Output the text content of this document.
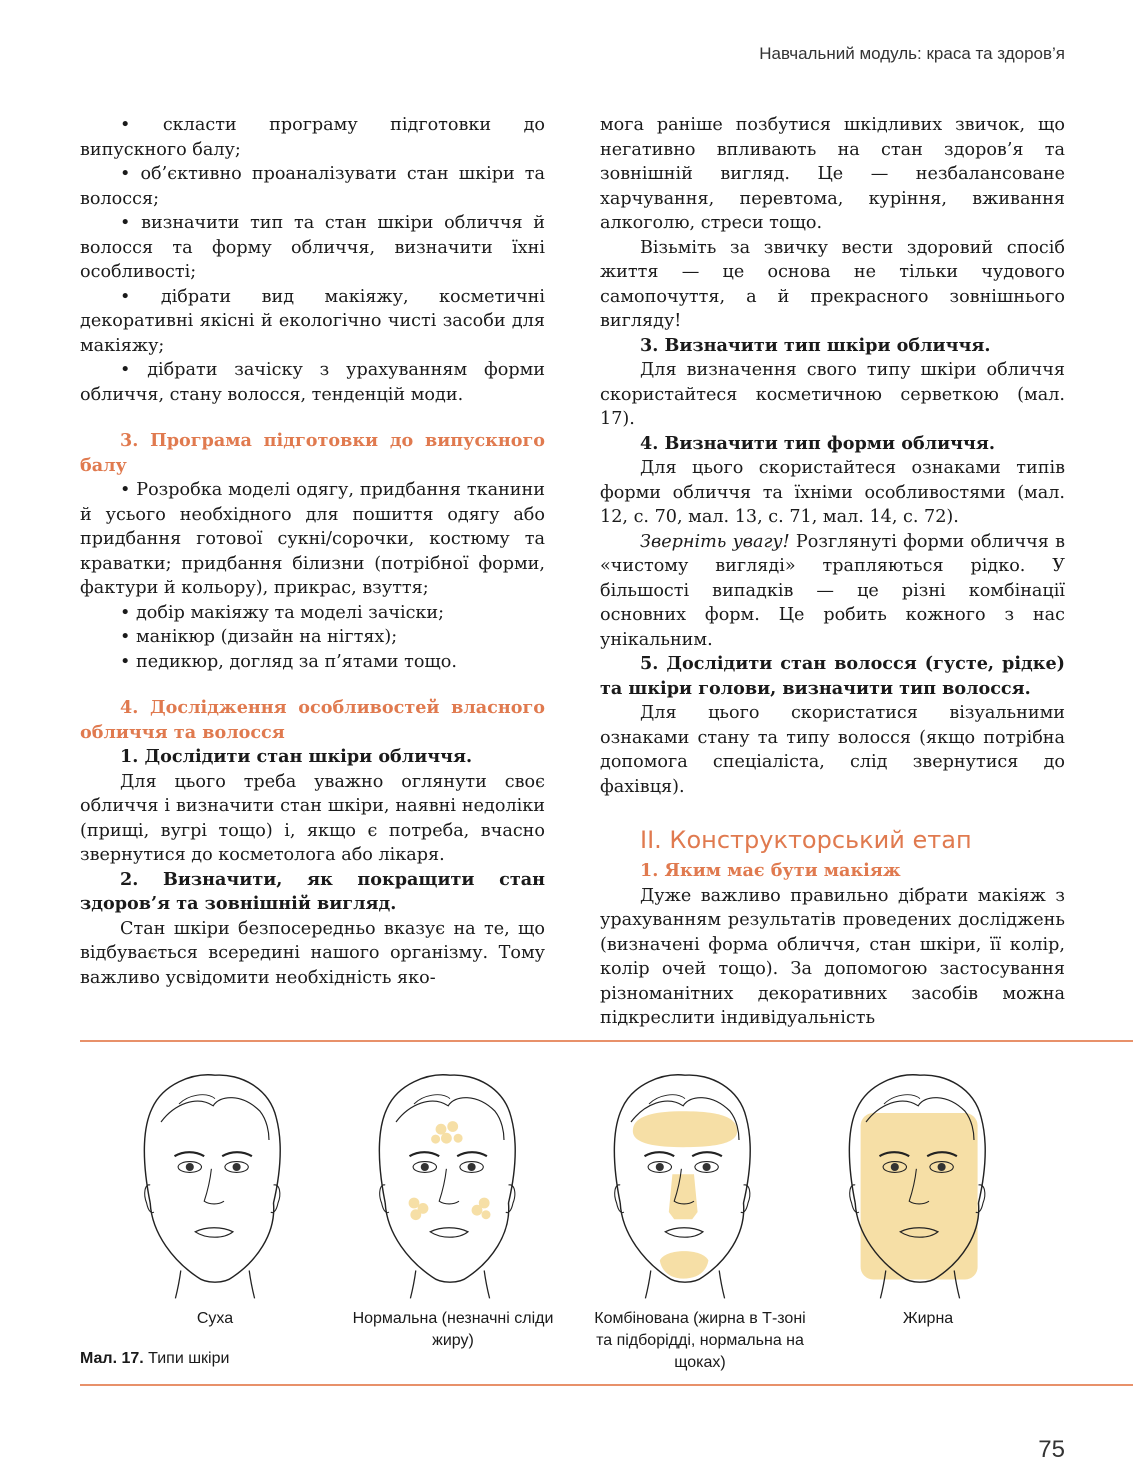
Навчальний модуль: краса та здоров’я

• скласти програму підготовки до випускного балу;

• об’єктивно проаналізувати стан шкіри та волосся;

• визначити тип та стан шкіри обличчя й волосся та форму обличчя, визначити їхні особливості;

• дібрати вид макіяжу, косметичні декоративні якісні й екологічно чисті засоби для макіяжу;

• дібрати зачіску з урахуванням форми обличчя, стану волосся, тенденцій моди.

3. Програма підготовки до випускного балу

• Розробка моделі одягу, придбання тканини й усього необхідного для пошиття одягу або придбання готової сукні/сорочки, костюму та краватки; придбання білизни (потрібної форми, фактури й кольору), прикрас, взуття;

• добір макіяжу та моделі зачіски;

• манікюр (дизайн на нігтях);

• педикюр, догляд за п’ятами тощо.

4. Дослідження особливостей власного обличчя та волосся

1. Дослідити стан шкіри обличчя.

Для цього треба уважно оглянути своє обличчя і визначити стан шкіри, наявні недоліки (прищі, вугрі тощо) і, якщо є потреба, вчасно звернутися до косметолога або лікаря.

2. Визначити, як покращити стан здоров’я та зовнішній вигляд.

Стан шкіри безпосередньо вказує на те, що відбувається всередині нашого організму. Тому важливо усвідомити необхідність яко-

мога раніше позбутися шкідливих звичок, що негативно впливають на стан здоров’я та зовнішній вигляд. Це — незбалансоване харчування, перевтома, куріння, вживання алкоголю, стреси тощо.

Візьміть за звичку вести здоровий спосіб життя — це основа не тільки чудового самопочуття, а й прекрасного зовнішнього вигляду!

3. Визначити тип шкіри обличчя.

Для визначення свого типу шкіри обличчя скористайтеся косметичною серветкою (мал. 17).

4. Визначити тип форми обличчя.

Для цього скористайтеся ознаками типів форми обличчя та їхніми особливостями (мал. 12, с. 70, мал. 13, с. 71, мал. 14, с. 72).

Зверніть увагу! Розглянуті форми обличчя в «чистому вигляді» трапляються рідко. У більшості випадків — це різні комбінації основних форм. Це робить кожного з нас унікальним.

5. Дослідити стан волосся (густе, рідке) та шкіри голови, визначити тип волосся.

Для цього скористатися візуальними ознаками стану та типу волосся (якщо потрібна допомога спеціаліста, слід звернутися до фахівця).

ІІ. Конструкторський етап

1. Яким має бути макіяж

Дуже важливо правильно дібрати макіяж з урахуванням результатів проведених досліджень (визначені форма обличчя, стан шкіри, її колір, колір очей тощо). За допомогою застосування різноманітних декоративних засобів можна підкреслити індивідуальність

Суха	Нормальна (незначні сліди жиру)
Комбінована (жирна в Т-зоні та підборідді, нормальна на щоках)
Жирна
Мал. 17. Типи шкіри
75
